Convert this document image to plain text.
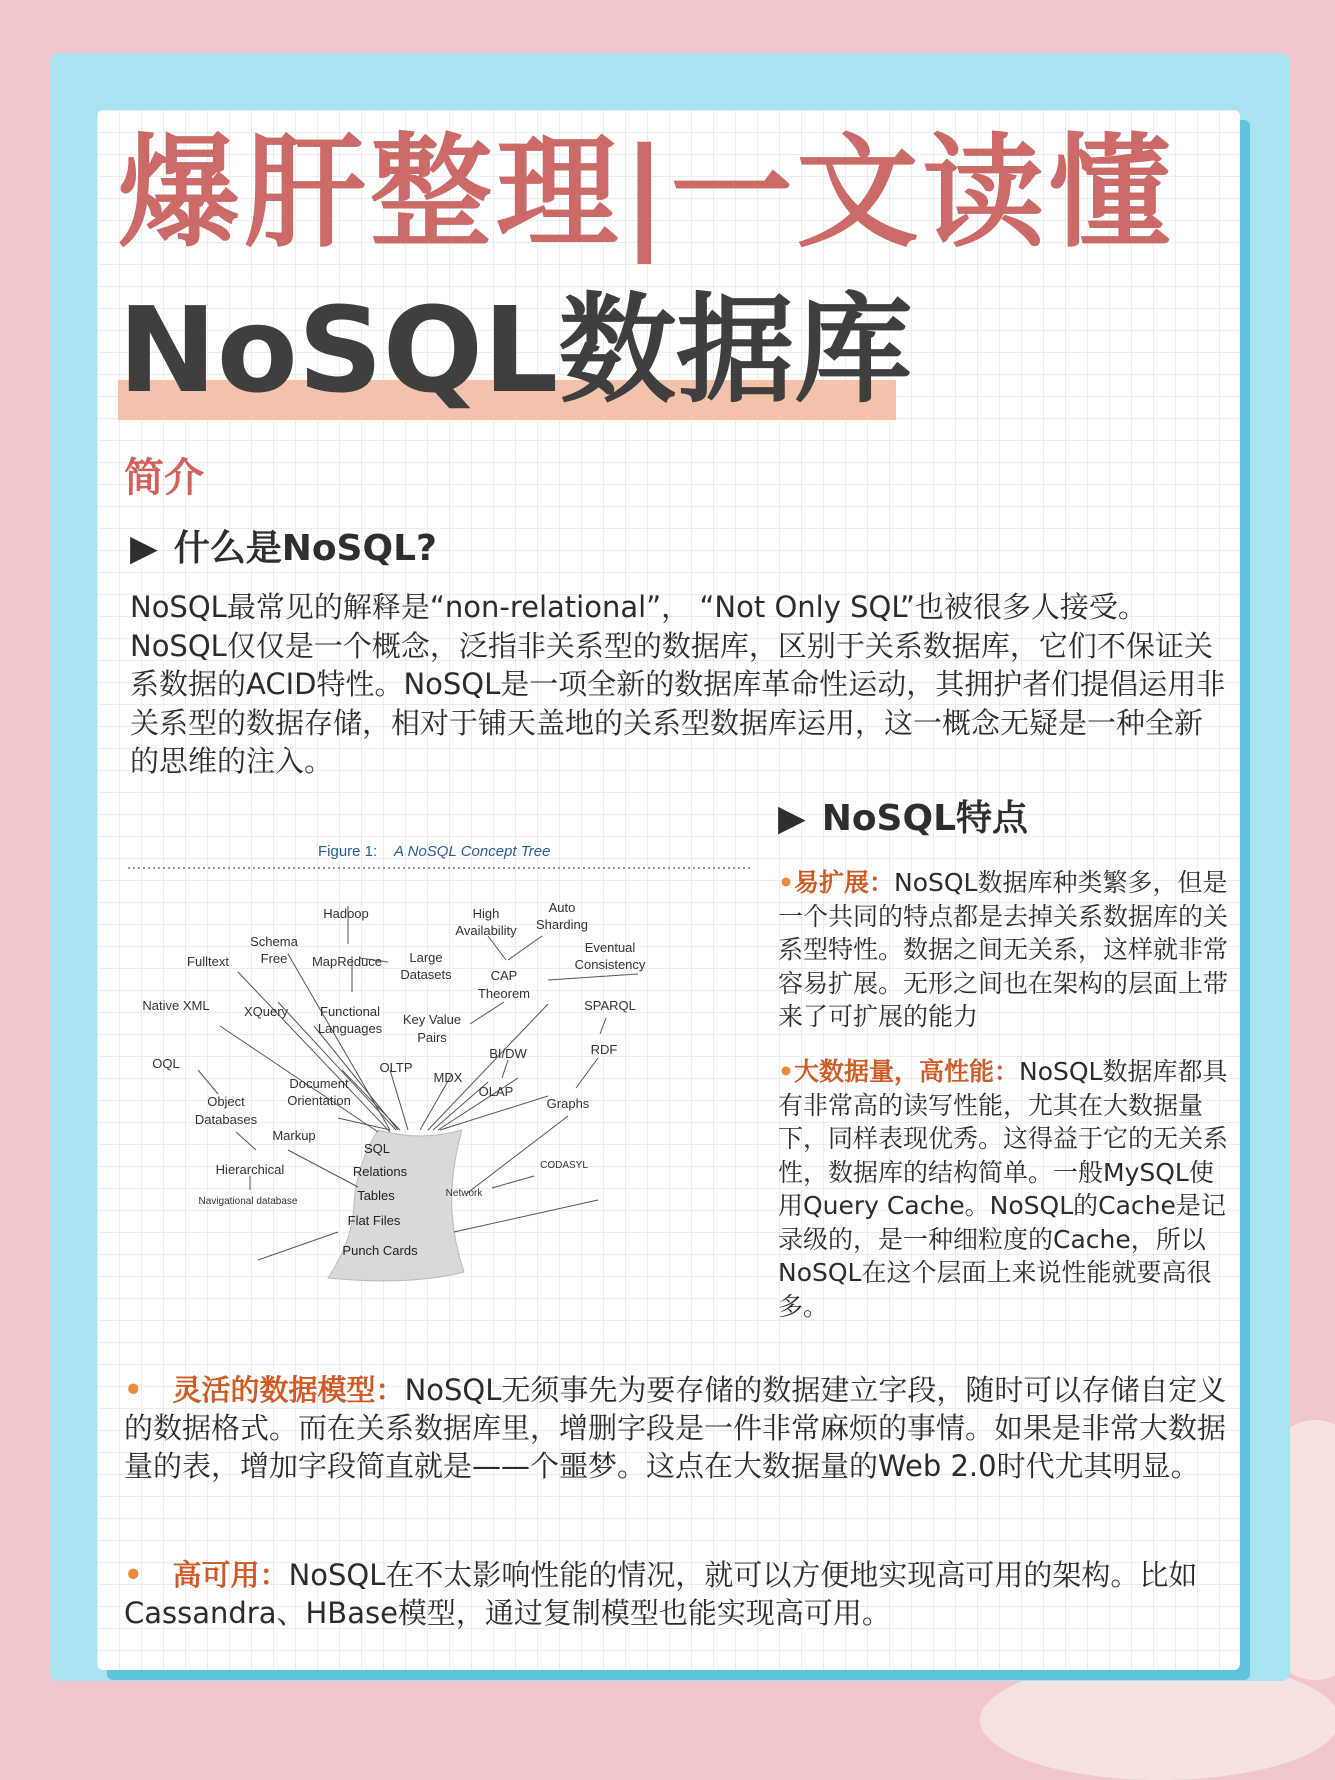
爆肝整理|一文读懂
NoSQL数据库
简介
▶ 什么是NoSQL?

NoSQL最常见的解释是“non-relational”， “Not Only SQL”也被很多人接受。NoSQL仅仅是一个概念，泛指非关系型的数据库，区别于关系数据库，它们不保证关系数据的ACID特性。NoSQL是一项全新的数据库革命性运动，其拥护者们提倡运用非关系型的数据存储，相对于铺天盖地的关系型数据库运用，这一概念无疑是一种全新的思维的注入。

Figure 1: A NoSQL Concept Tree
SQL
Relations
Tables
Flat Files
Punch Cards
Hadoop	High
Availability
Auto
Sharding
Schema
Free
Fulltext	MapReduce Large
Datasets
Eventual
Consistency
CAP
Theorem
Native XML	XQuery Functional
Languages
Key Value
Pairs
SPARQL
BI/DW	RDF
OQL	OLTP
MDX
Document
Orientation
OLAP
Object
Databases
Graphs
Markup
CODASYL
Hierarchical
Network
Navigational database
▶ NoSQL特点

•易扩展：NoSQL数据库种类繁多，但是一个共同的特点都是去掉关系数据库的关系型特性。数据之间无关系，这样就非常容易扩展。无形之间也在架构的层面上带来了可扩展的能力

•大数据量，高性能：NoSQL数据库都具有非常高的读写性能，尤其在大数据量下，同样表现优秀。这得益于它的无关系性，数据库的结构简单。一般MySQL使用Query Cache。NoSQL的Cache是记录级的，是一种细粒度的Cache，所以NoSQL在这个层面上来说性能就要高很多。

• 灵活的数据模型：NoSQL无须事先为要存储的数据建立字段，随时可以存储自定义的数据格式。而在关系数据库里，增删字段是一件非常麻烦的事情。如果是非常大数据量的表，增加字段简直就是——个噩梦。这点在大数据量的Web 2.0时代尤其明显。

• 高可用：NoSQL在不太影响性能的情况，就可以方便地实现高可用的架构。比如Cassandra、HBase模型，通过复制模型也能实现高可用。
